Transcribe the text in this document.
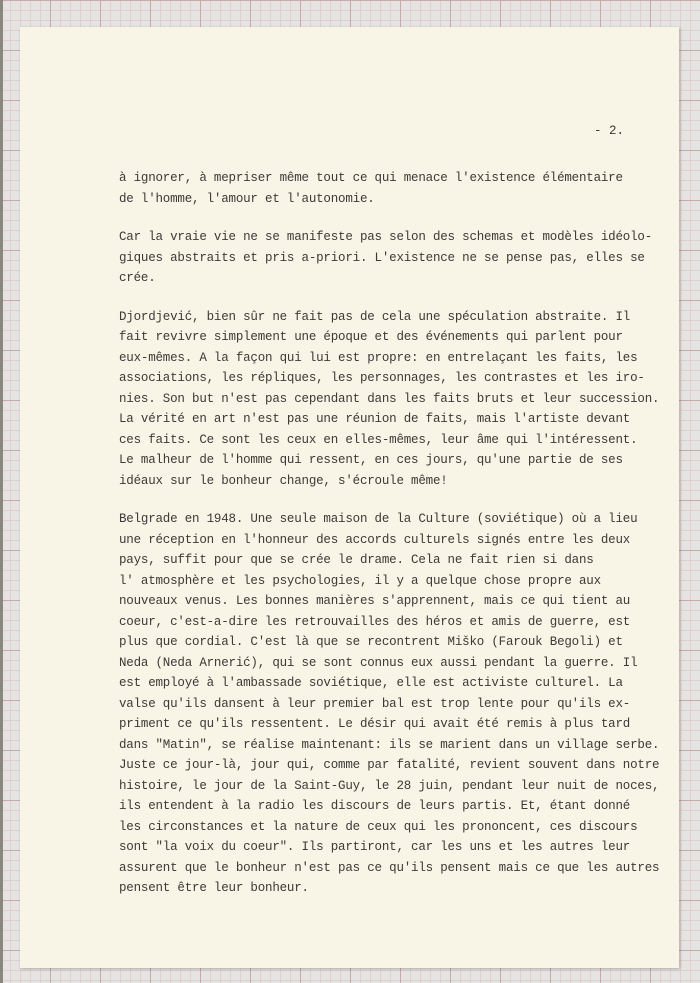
- 2.
à ignorer, à mepriser même tout ce qui menace l'existence élémentaire
de l'homme, l'amour et l'autonomie.
Car la vraie vie ne se manifeste pas selon des schemas et modèles idéolo-
giques abstraits et pris a-priori. L'existence ne se pense pas, elles se
crée.
Djordjević, bien sûr ne fait pas de cela une spéculation abstraite. Il
fait revivre simplement une époque et des événements qui parlent pour
eux-mêmes. A la façon qui lui est propre: en entrelaçant les faits, les
associations, les répliques, les personnages, les contrastes et les iro-
nies. Son but n'est pas cependant dans les faits bruts et leur succession.
La vérité en art n'est pas une réunion de faits, mais l'artiste devant
ces faits. Ce sont les ceux en elles-mêmes, leur âme qui l'intéressent.
Le malheur de l'homme qui ressent, en ces jours, qu'une partie de ses
idéaux sur le bonheur change, s'écroule même!
Belgrade en 1948. Une seule maison de la Culture (soviétique) où a lieu
une réception en l'honneur des accords culturels signés entre les deux
pays, suffit pour que se crée le drame. Cela ne fait rien si dans
l' atmosphère et les psychologies, il y a quelque chose propre aux
nouveaux venus. Les bonnes manières s'apprennent, mais ce qui tient au
coeur, c'est-a-dire les retrouvailles des héros et amis de guerre, est
plus que cordial. C'est là que se recontrent Miško (Farouk Begoli) et
Neda (Neda Arnerić), qui se sont connus eux aussi pendant la guerre. Il
est employé à l'ambassade soviétique, elle est activiste culturel. La
valse qu'ils dansent à leur premier bal est trop lente pour qu'ils ex-
priment ce qu'ils ressentent. Le désir qui avait été remis à plus tard
dans "Matin", se réalise maintenant: ils se marient dans un village serbe.
Juste ce jour-là, jour qui, comme par fatalité, revient souvent dans notre
histoire, le jour de la Saint-Guy, le 28 juin, pendant leur nuit de noces,
ils entendent à la radio les discours de leurs partis. Et, étant donné
les circonstances et la nature de ceux qui les prononcent, ces discours
sont "la voix du coeur". Ils partiront, car les uns et les autres leur
assurent que le bonheur n'est pas ce qu'ils pensent mais ce que les autres
pensent être leur bonheur.
